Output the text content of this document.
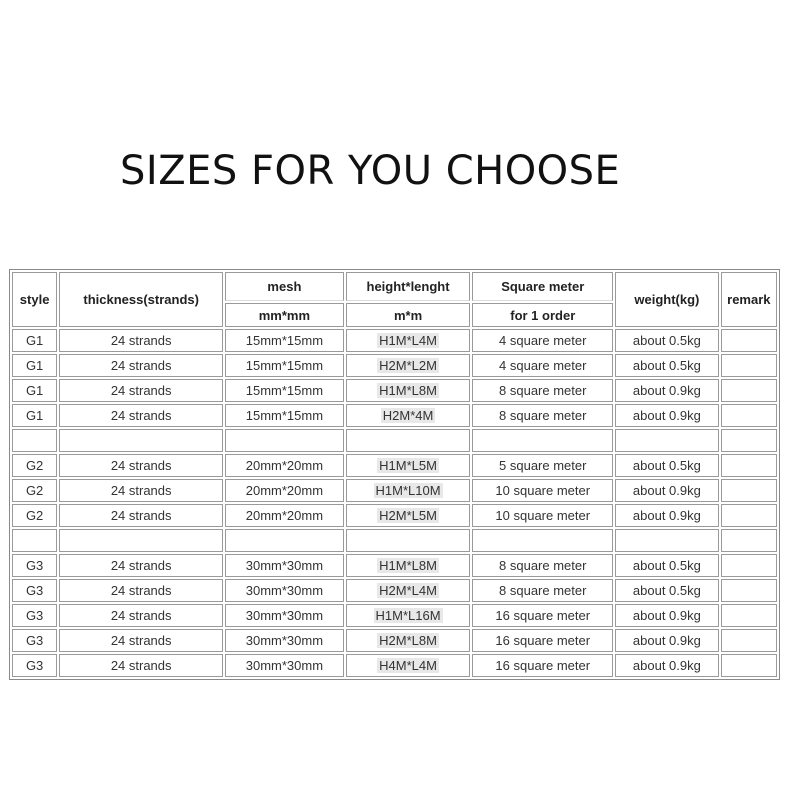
SIZES FOR YOU CHOOSE
style	thickness(strands)	mesh	height*lenght	Square meter	weight(kg)	remark
		mm*mm	m*m	for 1 order		
G1	24 strands	15mm*15mm	H1M*L4M	4 square meter	about 0.5kg	
G1	24 strands	15mm*15mm	H2M*L2M	4 square meter	about 0.5kg	
G1	24 strands	15mm*15mm	H1M*L8M	8 square meter	about 0.9kg	
G1	24 strands	15mm*15mm	H2M*4M	8 square meter	about 0.9kg	

G2	24 strands	20mm*20mm	H1M*L5M	5 square meter	about 0.5kg	
G2	24 strands	20mm*20mm	H1M*L10M	10 square meter	about 0.9kg	
G2	24 strands	20mm*20mm	H2M*L5M	10 square meter	about 0.9kg	

G3	24 strands	30mm*30mm	H1M*L8M	8 square meter	about 0.5kg	
G3	24 strands	30mm*30mm	H2M*L4M	8 square meter	about 0.5kg	
G3	24 strands	30mm*30mm	H1M*L16M	16 square meter	about 0.9kg	
G3	24 strands	30mm*30mm	H2M*L8M	16 square meter	about 0.9kg	
G3	24 strands	30mm*30mm	H4M*L4M	16 square meter	about 0.9kg	
